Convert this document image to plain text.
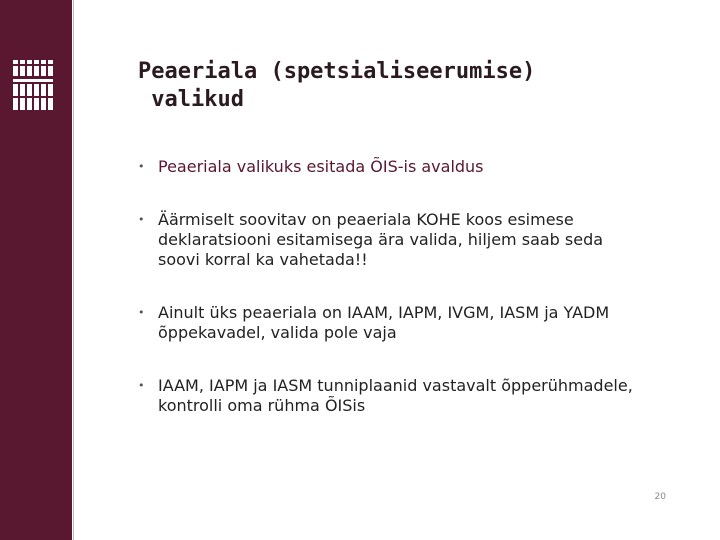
Peaeriala (spetsialiseerumise)
valikud
• Peaeriala valikuks esitada ÕIS-is avaldus
• Äärmiselt soovitav on peaeriala KOHE koos esimese deklaratsiooni esitamisega ära valida, hiljem saab seda soovi korral ka vahetada!!
• Ainult üks peaeriala on IAAM, IAPM, IVGM, IASM ja YADM õppekavadel, valida pole vaja
• IAAM, IAPM ja IASM tunniplaanid vastavalt õpperühmadele, kontrolli oma rühma ÕISis
20
